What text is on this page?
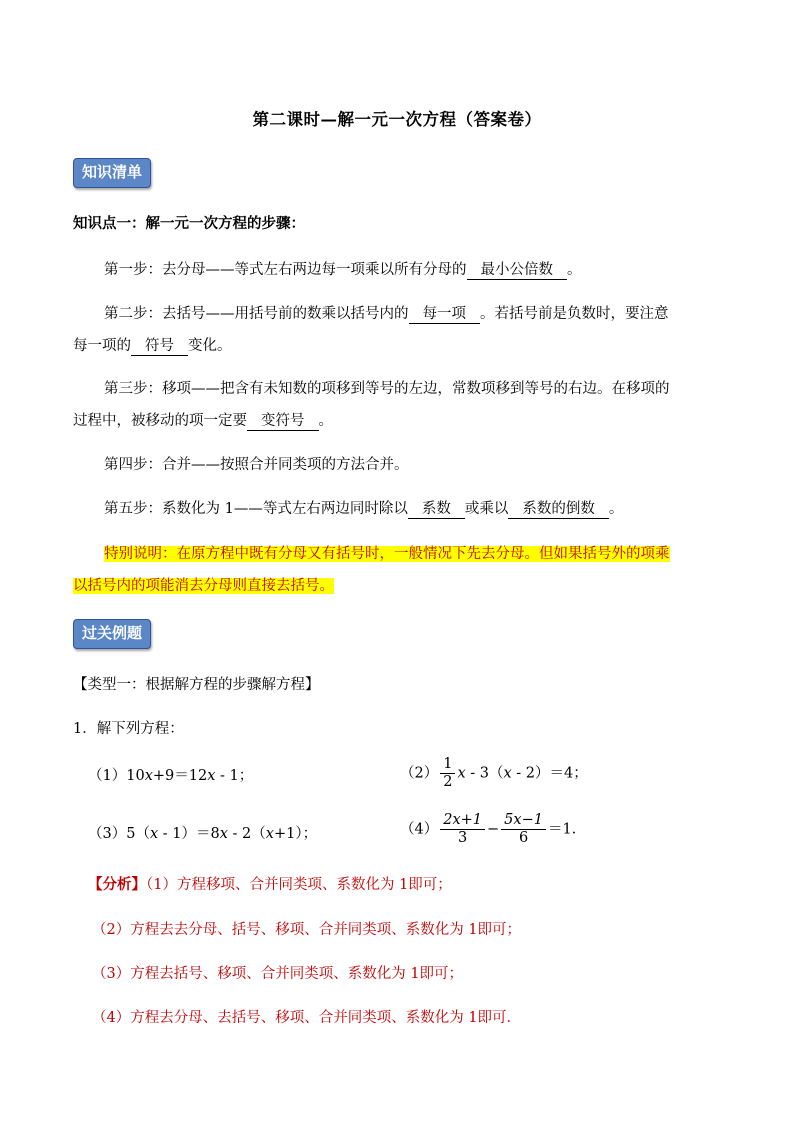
第二课时—解一元一次方程（答案卷）
知识清单
知识点一：解一元一次方程的步骤：
第一步：去分母——等式左右两边每一项乘以所有分母的 最小公倍数 。
第二步：去括号——用括号前的数乘以括号内的 每一项 。若括号前是负数时，要注意
每一项的 符号 变化。
第三步：移项——把含有未知数的项移到等号的左边，常数项移到等号的右边。在移项的
过程中，被移动的项一定要 变符号 。
第四步：合并——按照合并同类项的方法合并。
第五步：系数化为 1——等式左右两边同时除以 系数 或乘以 系数的倒数 。
特别说明：在原方程中既有分母又有括号时，一般情况下先去分母。但如果括号外的项乘
以括号内的项能消去分母则直接去括号。
过关例题
【类型一：根据解方程的步骤解方程】
1．解下列方程：
（1）10x+9＝12x - 1；	$(2) \frac{1}{2}$ x - 3（x - 2）＝4；
（3）5（x - 1）＝8x - 2（x+1）；	$(4) \frac{2x+1}{3} - \frac{5x-1}{6} =1$.
【分析】（1）方程移项、合并同类项、系数化为 1即可；
（2）方程去去分母、括号、移项、合并同类项、系数化为 1即可；
（3）方程去括号、移项、合并同类项、系数化为 1即可；
（4）方程去分母、去括号、移项、合并同类项、系数化为 1即可．
